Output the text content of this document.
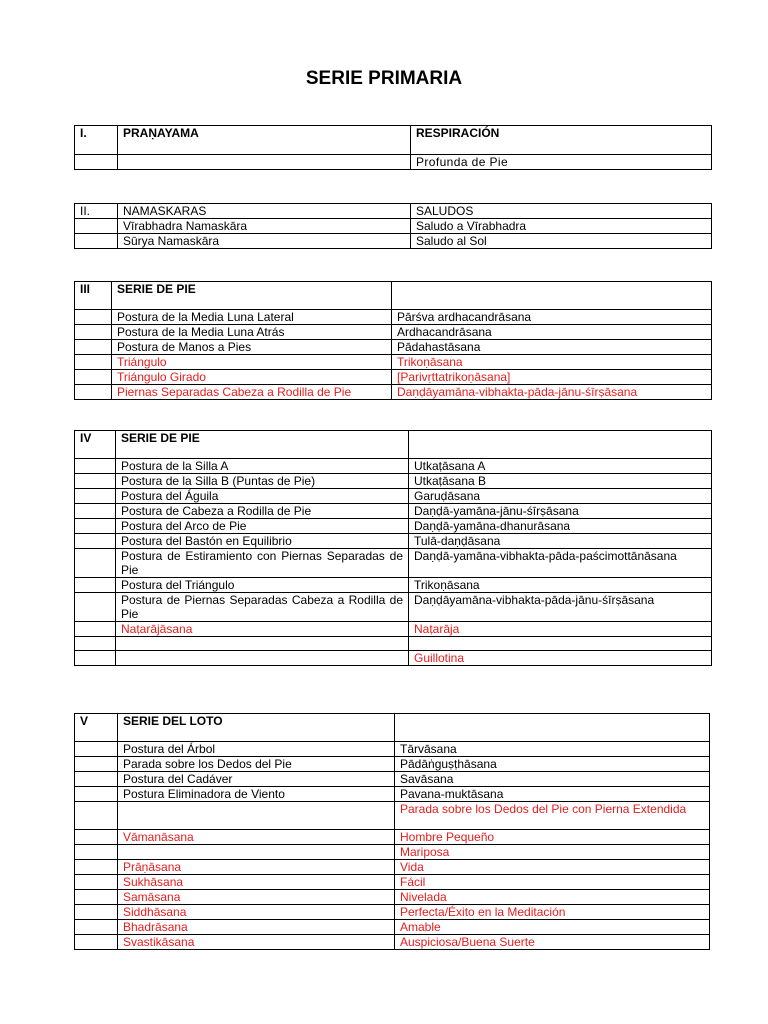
SERIE PRIMARIA
I.	PRAṆAYAMA	RESPIRACIÓN
		Profunda de Pie
II.	NAMASKARAS	SALUDOS
	Vīrabhadra Namaskāra	Saludo a Vīrabhadra
	Sūrya Namaskāra	Saludo al Sol
III	SERIE DE PIE	
	Postura de la Media Luna Lateral	Pārśva ardhacandrāsana
	Postura de la Media Luna Atrás	Ardhacandrāsana
	Postura de Manos a Pies	Pādahastāsana
	Triángulo	Trikoṇāsana
	Triángulo Girado	[Parivṛttatrikoṇāsana]
	Piernas Separadas Cabeza a Rodilla de Pie	Daṇḍāyamāna-vibhakta-pāda-jānu-śīrṣāsana
IV	SERIE DE PIE	
	Postura de la Silla A	Utkaṭāsana A
	Postura de la Silla B (Puntas de Pie)	Utkaṭāsana B
	Postura del Águila	Garuḍāsana
	Postura de Cabeza a Rodilla de Pie	Daṇḍā-yamāna-jānu-śīrṣāsana
	Postura del Arco de Pie	Daṇḍā-yamāna-dhanurāsana
	Postura del Bastón en Equilibrio	Tulā-daṇḍāsana
	Postura de Estiramiento con Piernas Separadas de Pie	Daṇḍā-yamāna-vibhakta-pāda-paścimottānāsana
	Postura del Triángulo	Trikoṇāsana
	Postura de Piernas Separadas Cabeza a Rodilla de Pie	Daṇḍāyamāna-vibhakta-pāda-jānu-śīrṣāsana
	Naṭarājāsana	Naṭarāja

		Guillotina
V	SERIE DEL LOTO	
	Postura del Árbol	Tārvāsana
	Parada sobre los Dedos del Pie	Pādāṅguṣṭhāsana
	Postura del Cadáver	Savāsana
	Postura Eliminadora de Viento	Pavana-muktāsana
		Parada sobre los Dedos del Pie con Pierna Extendida
	Vāmanāsana	Hombre Pequeño
		Mariposa
	Prāṇāsana	Vida
	Sukhāsana	Fácil
	Samāsana	Nivelada
	Siddhāsana	Perfecta/Éxito en la Meditación
	Bhadrāsana	Amable
	Svastikāsana	Auspiciosa/Buena Suerte
